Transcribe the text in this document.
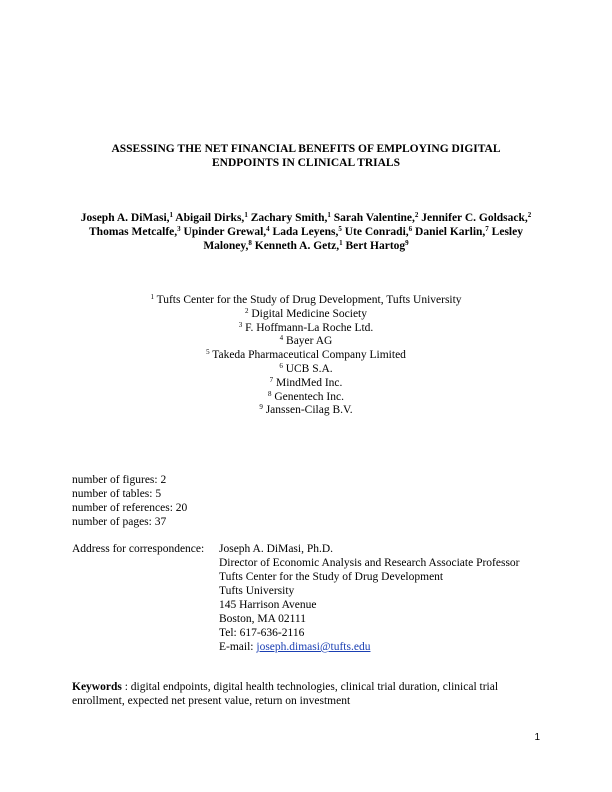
ASSESSING THE NET FINANCIAL BENEFITS OF EMPLOYING DIGITAL
ENDPOINTS IN CLINICAL TRIALS
Joseph A. DiMasi,$^1$ Abigail Dirks,$^1$ Zachary Smith,$^1$ Sarah Valentine,$^2$ Jennifer C. Goldsack,$^2$ Thomas Metcalfe,$^3$ Upinder Grewal,$^4$ Lada Leyens,$^5$ Ute Conradi,$^6$ Daniel Karlin,$^7$ Lesley Maloney,$^8$ Kenneth A. Getz,$^1$ Bert Hartog$^9$
$^1$ Tufts Center for the Study of Drug Development, Tufts University
$^2$ Digital Medicine Society
$^3$ F. Hoffmann-La Roche Ltd.
$^4$ Bayer AG
$^5$ Takeda Pharmaceutical Company Limited
$^6$ UCB S.A.
$^7$ MindMed Inc.
$^8$ Genentech Inc.
$^9$ Janssen-Cilag B.V.
number of figures: 2
number of tables: 5
number of references: 20
number of pages: 37
Address for correspondence: Joseph A. DiMasi, Ph.D.
Director of Economic Analysis and Research Associate Professor
Tufts Center for the Study of Drug Development
Tufts University
145 Harrison Avenue
Boston, MA 02111
Tel: 617-636-2116
E-mail: joseph.dimasi@tufts.edu
Keywords : digital endpoints, digital health technologies, clinical trial duration, clinical trial enrollment, expected net present value, return on investment
1
